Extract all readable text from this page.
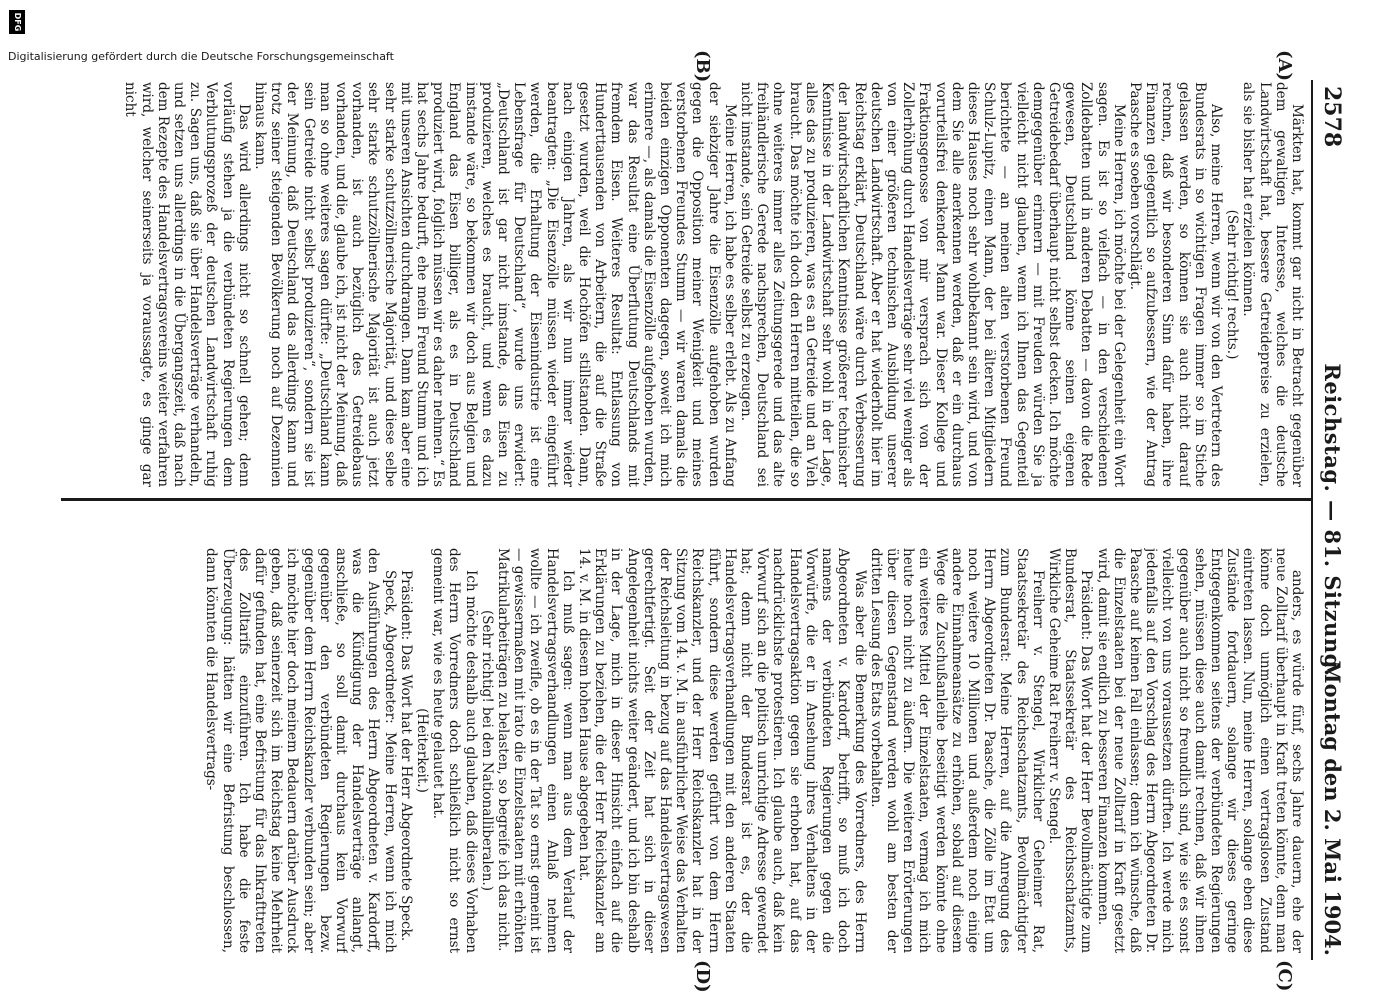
2578
Reichstag. — 81. Sitzung.
Montag den 2. Mai 1904.
(A)
(B)
(C)
(D)

Märkten hat, kommt gar nicht in Betracht gegenüber dem gewaltigen Interesse, welches die deutsche Landwirtschaft hat, bessere Getreidepreise zu erzielen, als sie bisher hat erzielen können.

(Sehr richtig! rechts.)

Also, meine Herren, wenn wir von den Vertretern des Bundesrats in so wichtigen Fragen immer so im Stiche gelassen werden, so können sie auch nicht darauf rechnen, daß wir besonderen Sinn dafür haben, ihre Finanzen gelegentlich so aufzubessern, wie der Antrag Paasche es soeben vorschlägt.

Meine Herren, ich möchte bei der Gelegenheit ein Wort sagen. Es ist so vielfach — in den verschiedenen Zolldebatten und in anderen Debatten — davon die Rede gewesen, Deutschland könne seinen eigenen Getreidebedarf überhaupt nicht selbst decken. Ich möchte demgegenüber erinnern — mit Freuden würden Sie ja vielleicht nicht glauben, wenn ich Ihnen das Gegenteil berichtete — an meinen alten verstorbenen Freund Schulz-Lupitz, einen Mann, der bei älteren Mitgliedern dieses Hauses noch sehr wohlbekannt sein wird, und von dem Sie alle anerkennen werden, daß er ein durchaus vorurteilsfrei denkender Mann war. Dieser Kollege und Fraktionsgenosse von mir versprach sich von der Zollerhöhung durch Handelsverträge sehr viel weniger als von einer größeren technischen Ausbildung unserer deutschen Landwirtschaft. Aber er hat wiederholt hier im Reichstag erklärt, Deutschland wäre durch Verbesserung der landwirtschaftlichen Kenntnisse größerer technischer Kenntnisse in der Landwirtschaft sehr wohl in der Lage, alles das zu produzieren, was es an Getreide und an Vieh braucht. Das möchte ich doch den Herren mitteilen, die so ohne weiteres immer alles Zeitungsgerede und das alte freihändlerische Gerede nachsprechen, Deutschland sei nicht imstande, sein Getreide selbst zu erzeugen.

Meine Herren, ich habe es selber erlebt. Als zu Anfang der siebziger Jahre die Eisenzölle aufgehoben wurden gegen die Opposition meiner Wenigkeit und meines verstorbenen Freundes Stumm — wir waren damals die beiden einzigen Opponenten dagegen, soweit ich mich erinnere —, als damals die Eisenzölle aufgehoben wurden, war das Resultat eine Überflutung Deutschlands mit fremdem Eisen. Weiteres Resultat: Entlassung von Hunderttausenden von Arbeitern, die auf die Straße gesetzt wurden, weil die Hochöfen stillstanden. Dann, nach einigen Jahren, als wir nun immer wieder beantragten: „Die Eisenzölle müssen wieder eingeführt werden, die Erhaltung der Eisenindustrie ist eine Lebensfrage für Deutschland“, wurde uns erwidert: „Deutschland ist gar nicht imstande, das Eisen zu produzieren, welches es braucht, und wenn es dazu imstande wäre, so bekommen wir doch aus Belgien und England das Eisen billiger, als es in Deutschland produziert wird, folglich müssen wir es daher nehmen.“ Es hat sechs Jahre bedurft, ehe mein Freund Stumm und ich mit unseren Ansichten durchdrangen. Dann kam aber eine sehr starke schutzzöllnerische Majorität, und diese selbe sehr starke schutzzöllnerische Majorität ist auch jetzt vorhanden, ist auch bezüglich des Getreidebaus vorhanden, und die, glaube ich, ist nicht der Meinung, daß man so ohne weiteres sagen dürfte: „Deutschland kann sein Getreide nicht selbst produzieren“, sondern sie ist der Meinung, daß Deutschland das allerdings kann und trotz seiner steigenden Bevölkerung noch auf Dezennien hinaus kann.

Das wird allerdings nicht so schnell gehen; denn vorläufig stehen ja die verbündeten Regierungen dem Verblutungsprozeß der deutschen Landwirtschaft ruhig zu. Sagen uns, daß sie über Handelsverträge verhandeln, und setzen uns allerdings in die Übergangszeit, daß nach dem Rezepte des Handelsvertragsvereins weiter verfahren wird, welcher seinerseits ja voraussagte, es ginge gar nicht

anders, es würde fünf, sechs Jahre dauern, ehe der neue Zolltarif überhaupt in Kraft treten könnte, denn man könne doch unmöglich einen vertragslosen Zustand eintreten lassen. Nun, meine Herren, solange eben diese Zustände fortdauern, solange wir dieses geringe Entgegenkommen seitens der verbündeten Regierungen sehen, müssen diese auch damit rechnen, daß wir ihnen gegenüber auch nicht so freundlich sind, wie sie es sonst vielleicht von uns voraussetzen dürften. Ich werde mich jedenfalls auf den Vorschlag des Herrn Abgeordneten Dr. Paasche auf keinen Fall einlassen; denn ich wünsche, daß die Einzelstaaten bei der neue Zolltarif in Kraft gesetzt wird, damit sie endlich zu besseren Finanzen kommen.

Präsident: Das Wort hat der Herr Bevollmächtigte zum Bundesrat, Staatssekretär des Reichsschatzamts, Wirkliche Geheime Rat Freiherr v. Stengel.

Freiherr v. Stengel, Wirklicher Geheimer Rat, Staatssekretär des Reichsschatzamts, Bevollmächtigter zum Bundesrat: Meine Herren, auf die Anregung des Herrn Abgeordneten Dr. Paasche, die Zölle im Etat um noch weitere 10 Millionen und außerdem noch einige andere Einnahmeansätze zu erhöhen, sobald auf diesem Wege die Zuschußanleihe beseitigt werden könnte ohne ein weiteres Mittel der Einzelstaaten, vermag ich mich heute noch nicht zu äußern. Die weiteren Erörterungen über diesen Gegenstand werden wohl am besten der dritten Lesung des Etats vorbehalten.

Was aber die Bemerkung des Vorredners, des Herrn Abgeordneten v. Kardorff, betrifft, so muß ich doch namens der verbündeten Regierungen gegen die Vorwürfe, die er in Ansehung ihres Verhaltens in der Handelsvertragsaktion gegen sie erhoben hat, auf das nachdrücklichste protestieren. Ich glaube auch, daß kein Vorwurf sich an die politisch unrichtige Adresse gewendet hat; denn nicht der Bundesrat ist es, der die Handelsvertragsverhandlungen mit den anderen Staaten führt, sondern diese werden geführt von dem Herrn Reichskanzler, und der Herr Reichskanzler hat in der Sitzung vom 14. v. M. in ausführlicher Weise das Verhalten der Reichsleitung in bezug auf das Handelsvertragswesen gerechtfertigt. Seit der Zeit hat sich in dieser Angelegenheit nichts weiter geändert, und ich bin deshalb in der Lage, mich in dieser Hinsicht einfach auf die Erklärungen zu beziehen, die der Herr Reichskanzler am 14. v. M. in diesem hohen Hause abgegeben hat.

Ich muß sagen: wenn man aus dem Verlauf der Handelsvertragsverhandlungen einen Anlaß nehmen wollte — ich zweifle, ob es in der Tat so ernst gemeint ist — gewissermaßen mit irato die Einzelstaaten mit erhöhten Matrikularbeiträgen zu belasten, so begreife ich das nicht.

(Sehr richtig! bei den Nationalliberalen.)

Ich möchte deshalb auch glauben, daß dieses Vorhaben des Herrn Vorredners doch schließlich nicht so ernst gemeint war, wie es heute gelautet hat.

(Heiterkeit.)

Präsident: Das Wort hat der Herr Abgeordnete Speck.

Speck, Abgeordneter: Meine Herren, wenn ich mich den Ausführungen des Herrn Abgeordneten v. Kardorff, was die Kündigung der Handelsverträge anlangt, anschließe, so soll damit durchaus kein Vorwurf gegenüber den verbündeten Regierungen bezw. gegenüber dem Herrn Reichskanzler verbunden sein; aber ich möchte hier doch meinem Bedauern darüber Ausdruck geben, daß seinerzeit sich im Reichstag keine Mehrheit dafür gefunden hat, eine Befristung für das Inkrafttreten des Zolltarifs einzuführen. Ich habe die feste Überzeugung: hätten wir eine Befristung beschlossen, dann könnten die Handelsvertrags-

Digitalisierung gefördert durch die Deutsche Forschungsgemeinschaft
DFG
